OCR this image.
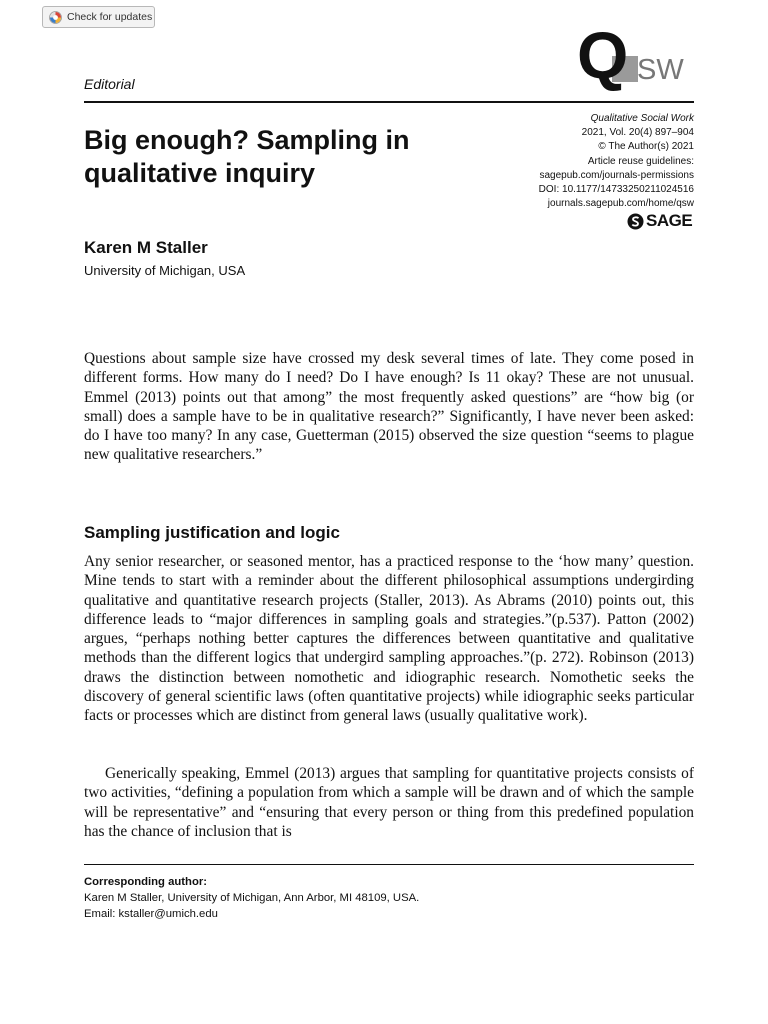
Check for updates
Q SW
Editorial
Big enough? Sampling in qualitative inquiry
Qualitative Social Work
2021, Vol. 20(4) 897–904
© The Author(s) 2021
Article reuse guidelines:
sagepub.com/journals-permissions
DOI: 10.1177/14733250211024516
journals.sagepub.com/home/qsw
SAGE
Karen M Staller
University of Michigan, USA

Questions about sample size have crossed my desk several times of late. They come posed in different forms. How many do I need? Do I have enough? Is 11 okay? These are not unusual. Emmel (2013) points out that among” the most frequently asked questions” are “how big (or small) does a sample have to be in qualitative research?” Significantly, I have never been asked: do I have too many? In any case, Guetterman (2015) observed the size question “seems to plague new qualitative researchers.”

Sampling justification and logic

Any senior researcher, or seasoned mentor, has a practiced response to the ‘how many’ question. Mine tends to start with a reminder about the different philosophical assumptions undergirding qualitative and quantitative research projects (Staller, 2013). As Abrams (2010) points out, this difference leads to “major differences in sampling goals and strategies.”(p.537). Patton (2002) argues, “perhaps nothing better captures the differences between quantitative and qualitative methods than the different logics that undergird sampling approaches.”(p. 272). Robinson (2013) draws the distinction between nomothetic and idiographic research. Nomothetic seeks the discovery of general scientific laws (often quantitative projects) while idiographic seeks particular facts or processes which are distinct from general laws (usually qualitative work).

Generically speaking, Emmel (2013) argues that sampling for quantitative projects consists of two activities, “defining a population from which a sample will be drawn and of which the sample will be representative” and “ensuring that every person or thing from this predefined population has the chance of inclusion that is

Corresponding author:
Karen M Staller, University of Michigan, Ann Arbor, MI 48109, USA.
Email: kstaller@umich.edu
